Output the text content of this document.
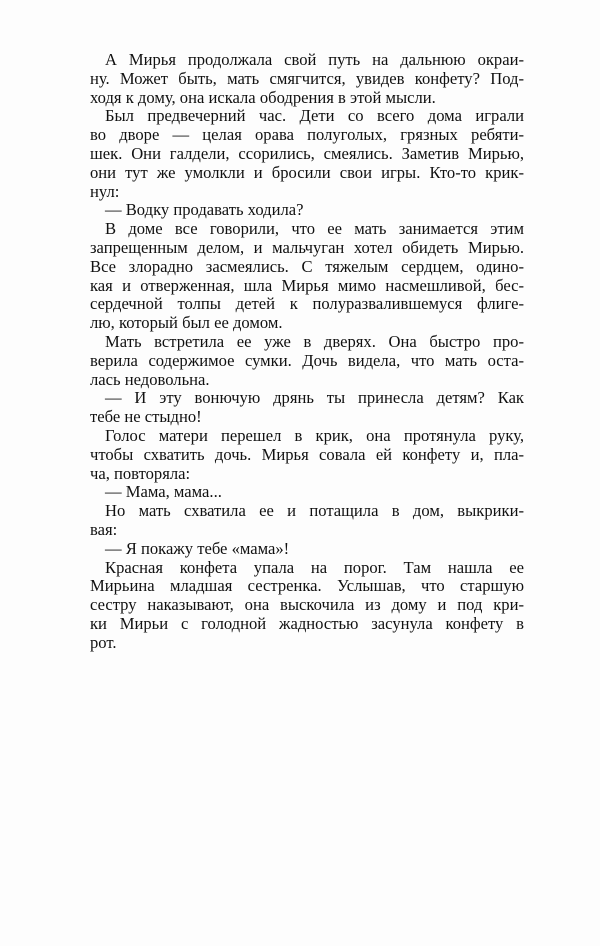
А Мирья продолжала свой путь на дальнюю окраи-
ну. Может быть, мать смягчится, увидев конфету? Под-
ходя к дому, она искала ободрения в этой мысли.
Был предвечерний час. Дети со всего дома играли
во дворе — целая орава полуголых, грязных ребяти-
шек. Они галдели, ссорились, смеялись. Заметив Мирью,
они тут же умолкли и бросили свои игры. Кто-то крик-
нул:
— Водку продавать ходила?
В доме все говорили, что ее мать занимается этим
запрещенным делом, и мальчуган хотел обидеть Мирью.
Все злорадно засмеялись. С тяжелым сердцем, одино-
кая и отверженная, шла Мирья мимо насмешливой, бес-
сердечной толпы детей к полуразвалившемуся флиге-
лю, который был ее домом.
Мать встретила ее уже в дверях. Она быстро про-
верила содержимое сумки. Дочь видела, что мать оста-
лась недовольна.
— И эту вонючую дрянь ты принесла детям? Как
тебе не стыдно!
Голос матери перешел в крик, она протянула руку,
чтобы схватить дочь. Мирья совала ей конфету и, пла-
ча, повторяла:
— Мама, мама...
Но мать схватила ее и потащила в дом, выкрики-
вая:
— Я покажу тебе «мама»!
Красная конфета упала на порог. Там нашла ее
Мирьина младшая сестренка. Услышав, что старшую
сестру наказывают, она выскочила из дому и под кри-
ки Мирьи с голодной жадностью засунула конфету в
рот.
